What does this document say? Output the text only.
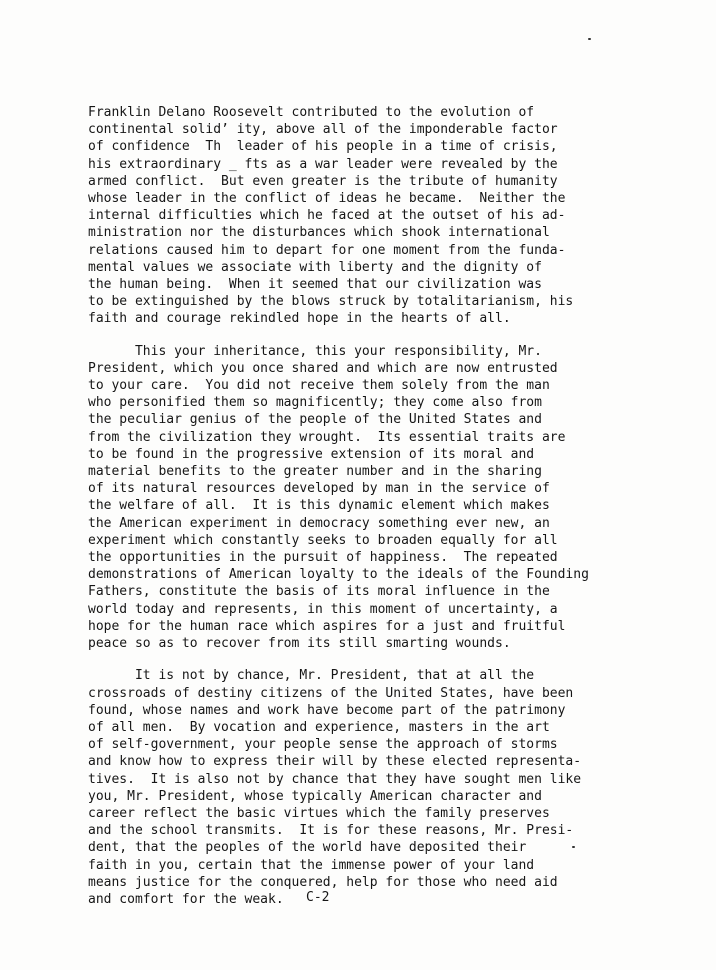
Franklin Delano Roosevelt contributed to the evolution of
continental solid’ ity, above all of the imponderable factor
of confidence  Th  leader of his people in a time of crisis,
his extraordinary _ fts as a war leader were revealed by the
armed conflict.  But even greater is the tribute of humanity
whose leader in the conflict of ideas he became.  Neither the
internal difficulties which he faced at the outset of his ad-
ministration nor the disturbances which shook international
relations caused him to depart for one moment from the funda-
mental values we associate with liberty and the dignity of
the human being.  When it seemed that our civilization was
to be extinguished by the blows struck by totalitarianism, his
faith and courage rekindled hope in the hearts of all.
This your inheritance, this your responsibility, Mr.
President, which you once shared and which are now entrusted
to your care.  You did not receive them solely from the man
who personified them so magnificently; they come also from
the peculiar genius of the people of the United States and
from the civilization they wrought.  Its essential traits are
to be found in the progressive extension of its moral and
material benefits to the greater number and in the sharing
of its natural resources developed by man in the service of
the welfare of all.  It is this dynamic element which makes
the American experiment in democracy something ever new, an
experiment which constantly seeks to broaden equally for all
the opportunities in the pursuit of happiness.  The repeated
demonstrations of American loyalty to the ideals of the Founding
Fathers, constitute the basis of its moral influence in the
world today and represents, in this moment of uncertainty, a
hope for the human race which aspires for a just and fruitful
peace so as to recover from its still smarting wounds.
It is not by chance, Mr. President, that at all the
crossroads of destiny citizens of the United States, have been
found, whose names and work have become part of the patrimony
of all men.  By vocation and experience, masters in the art
of self-government, your people sense the approach of storms
and know how to express their will by these elected representa-
tives.  It is also not by chance that they have sought men like
you, Mr. President, whose typically American character and
career reflect the basic virtues which the family preserves
and the school transmits.  It is for these reasons, Mr. Presi-
dent, that the peoples of the world have deposited their
faith in you, certain that the immense power of your land
means justice for the conquered, help for those who need aid
and comfort for the weak.	C-2
